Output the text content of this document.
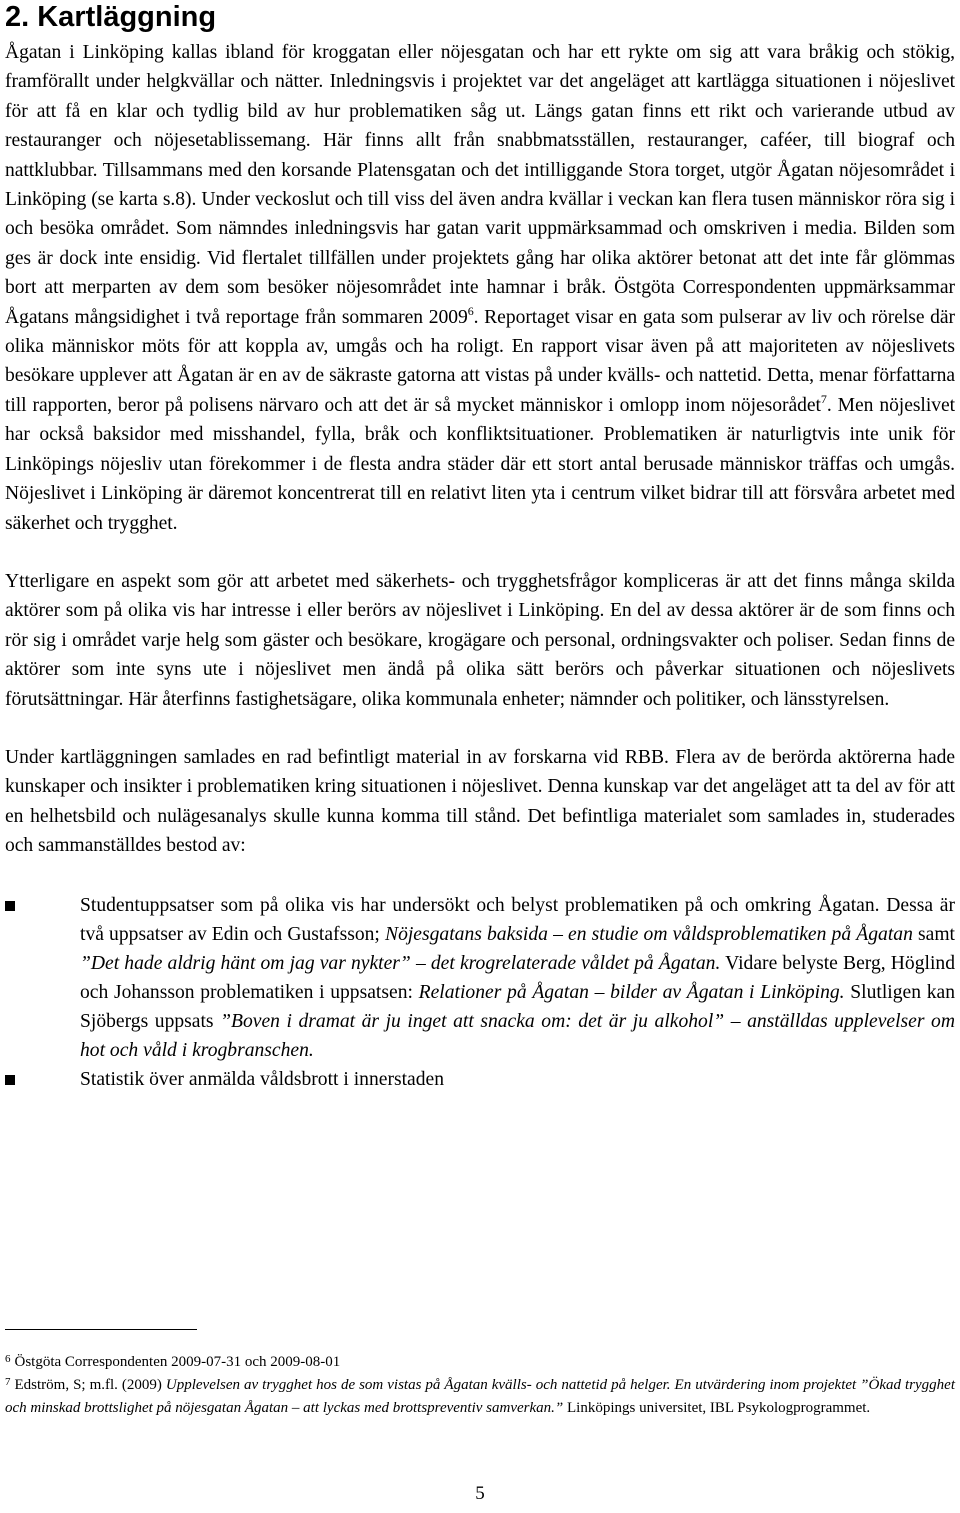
2. Kartläggning

Ågatan i Linköping kallas ibland för kroggatan eller nöjesgatan och har ett rykte om sig att vara bråkig och stökig, framförallt under helgkvällar och nätter. Inledningsvis i projektet var det angeläget att kartlägga situationen i nöjeslivet för att få en klar och tydlig bild av hur problematiken såg ut. Längs gatan finns ett rikt och varierande utbud av restauranger och nöjesetablissemang. Här finns allt från snabbmatsställen, restauranger, caféer, till biograf och nattklubbar. Tillsammans med den korsande Platensgatan och det intilliggande Stora torget, utgör Ågatan nöjesområdet i Linköping (se karta s.8). Under veckoslut och till viss del även andra kvällar i veckan kan flera tusen människor röra sig i och besöka området. Som nämndes inledningsvis har gatan varit uppmärksammad och omskriven i media. Bilden som ges är dock inte ensidig. Vid flertalet tillfällen under projektets gång har olika aktörer betonat att det inte får glömmas bort att merparten av dem som besöker nöjesområdet inte hamnar i bråk. Östgöta Correspondenten uppmärksammar Ågatans mångsidighet i två reportage från sommaren 2009$^6$. Reportaget visar en gata som pulserar av liv och rörelse där olika människor möts för att koppla av, umgås och ha roligt. En rapport visar även på att majoriteten av nöjeslivets besökare upplever att Ågatan är en av de säkraste gatorna att vistas på under kvälls- och nattetid. Detta, menar författarna till rapporten, beror på polisens närvaro och att det är så mycket människor i omlopp inom nöjesorådet$^7$. Men nöjeslivet har också baksidor med misshandel, fylla, bråk och konfliktsituationer. Problematiken är naturligtvis inte unik för Linköpings nöjesliv utan förekommer i de flesta andra städer där ett stort antal berusade människor träffas och umgås. Nöjeslivet i Linköping är däremot koncentrerat till en relativt liten yta i centrum vilket bidrar till att försvåra arbetet med säkerhet och trygghet.

Ytterligare en aspekt som gör att arbetet med säkerhets- och trygghetsfrågor kompliceras är att det finns många skilda aktörer som på olika vis har intresse i eller berörs av nöjeslivet i Linköping. En del av dessa aktörer är de som finns och rör sig i området varje helg som gäster och besökare, krogägare och personal, ordningsvakter och poliser. Sedan finns de aktörer som inte syns ute i nöjeslivet men ändå på olika sätt berörs och påverkar situationen och nöjeslivets förutsättningar. Här återfinns fastighetsägare, olika kommunala enheter; nämnder och politiker, och länsstyrelsen.

Under kartläggningen samlades en rad befintligt material in av forskarna vid RBB. Flera av de berörda aktörerna hade kunskaper och insikter i problematiken kring situationen i nöjeslivet. Denna kunskap var det angeläget att ta del av för att en helhetsbild och nulägesanalys skulle kunna komma till stånd. Det befintliga materialet som samlades in, studerades och sammanställdes bestod av:

Studentuppsatser som på olika vis har undersökt och belyst problematiken på och omkring Ågatan. Dessa är två uppsatser av Edin och Gustafsson; Nöjesgatans baksida – en studie om våldsproblematiken på Ågatan samt ”Det hade aldrig hänt om jag var nykter” – det krogrelaterade våldet på Ågatan. Vidare belyste Berg, Höglind och Johansson problematiken i uppsatsen: Relationer på Ågatan – bilder av Ågatan i Linköping. Slutligen kan Sjöbergs uppsats ”Boven i dramat är ju inget att snacka om: det är ju alkohol” – anställdas upplevelser om hot och våld i krogbranschen.
Statistik över anmälda våldsbrott i innerstaden
$^6$ Östgöta Correspondenten 2009-07-31 och 2009-08-01
$^7$ Edström, S; m.fl. (2009) Upplevelsen av trygghet hos de som vistas på Ågatan kvälls- och nattetid på helger. En utvärdering inom projektet ”Ökad trygghet och minskad brottslighet på nöjesgatan Ågatan – att lyckas med brottspreventiv samverkan.” Linköpings universitet, IBL Psykologprogrammet.
5
